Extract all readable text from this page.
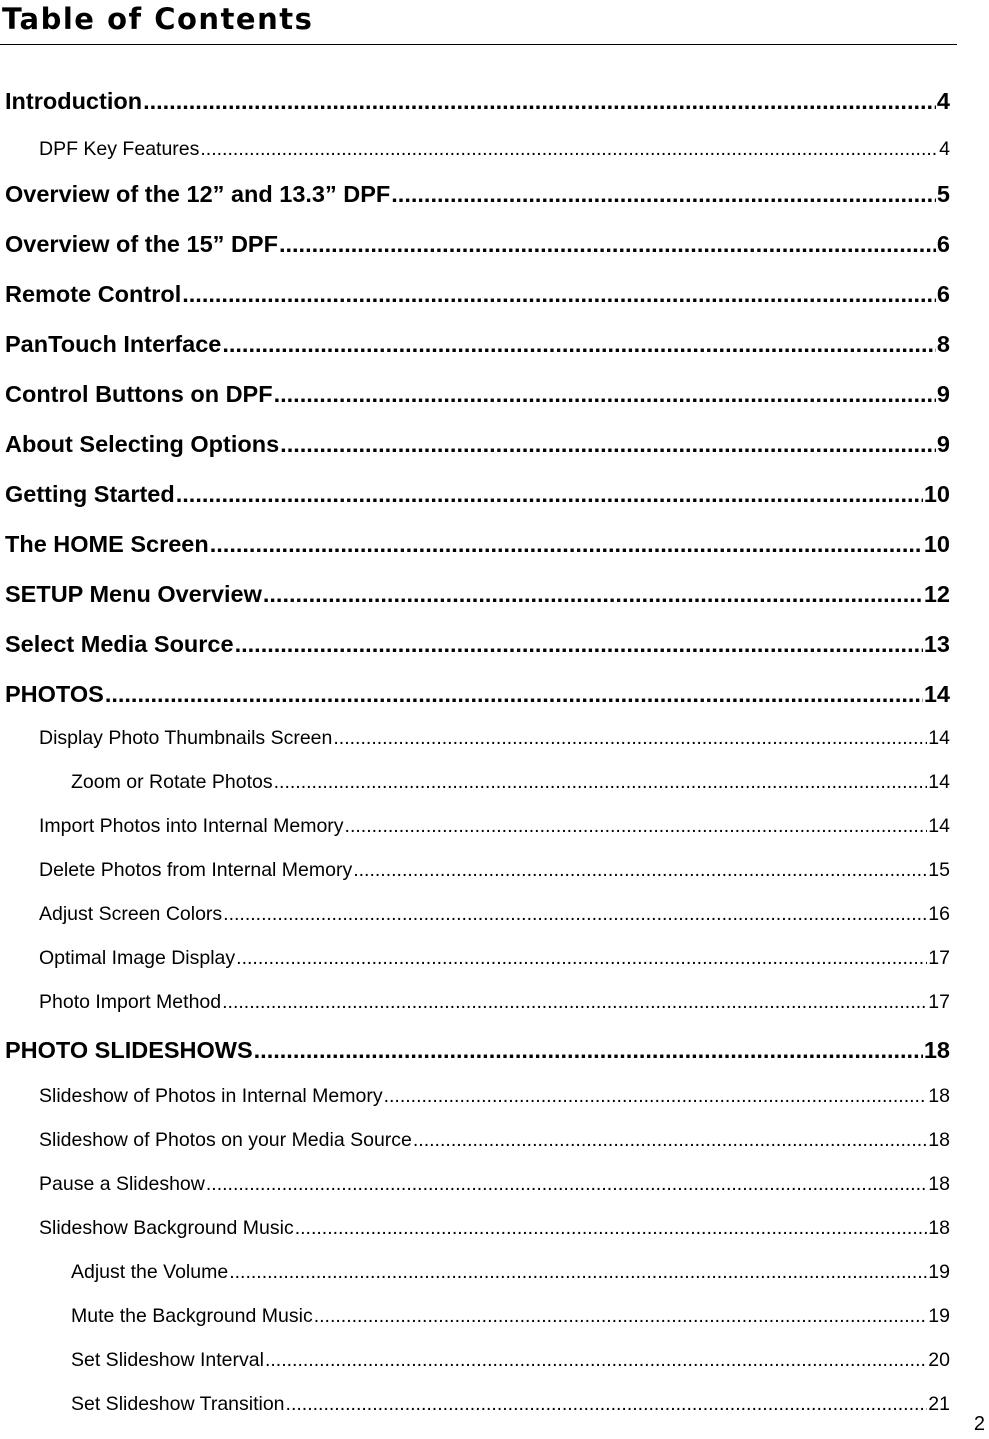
Table of Contents
Introduction .....	4
DPF Key Features .....	4
Overview of the 12” and 13.3” DPF .....	5
Overview of the 15” DPF .....	6
Remote Control .....	6
PanTouch Interface .....	8
Control Buttons on DPF .....	9
About Selecting Options .....	9
Getting Started .....	10
The HOME Screen .....	10
SETUP Menu Overview .....	12
Select Media Source .....	13
PHOTOS .....	14
Display Photo Thumbnails Screen .....	14
Zoom or Rotate Photos .....	14
Import Photos into Internal Memory .....	14
Delete Photos from Internal Memory .....	15
Adjust Screen Colors .....	16
Optimal Image Display .....	17
Photo Import Method .....	17
PHOTO SLIDESHOWS .....	18
Slideshow of Photos in Internal Memory .....	18
Slideshow of Photos on your Media Source .....	18
Pause a Slideshow .....	18
Slideshow Background Music .....	18
Adjust the Volume .....	19
Mute the Background Music .....	19
Set Slideshow Interval .....	20
Set Slideshow Transition .....	21
2
